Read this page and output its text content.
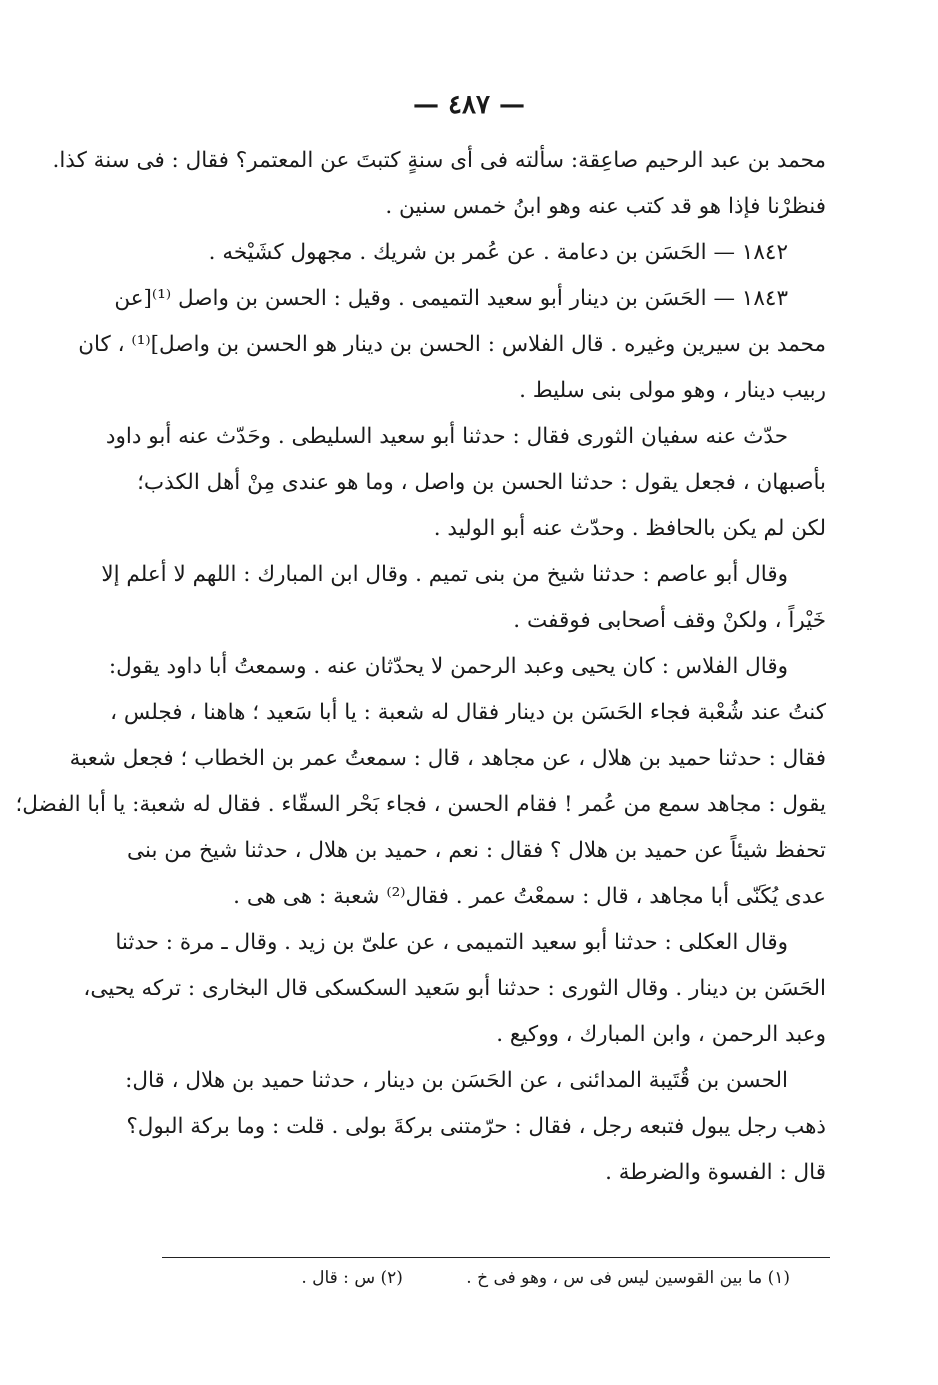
— ٤٨٧ —
محمد بن عبد الرحيم صاعِقة: سألته فى أى سنةٍ كتبتَ عن المعتمر؟ فقال : فى سنة كذا.
فنظرْنا فإذا هو قد كتب عنه وهو ابنُ خمس سنين .
١٨٤٢ — الحَسَن بن دعامة . عن عُمر بن شريك . مجهول كشَيْخه .
١٨٤٣ — الحَسَن بن دينار أبو سعيد التميمى . وقيل : الحسن بن واصل ⁽¹⁾[عن
محمد بن سيرين وغيره . قال الفلاس : الحسن بن دينار هو الحسن بن واصل]⁽¹⁾ ، كان
ربيب دينار ، وهو مولى بنى سليط .
حدّث عنه سفيان الثورى فقال : حدثنا أبو سعيد السليطى . وحَدّث عنه أبو داود
بأصبهان ، فجعل يقول : حدثنا الحسن بن واصل ، وما هو عندى مِنْ أهل الكذب؛
لكن لم يكن بالحافظ . وحدّث عنه أبو الوليد .
وقال أبو عاصم : حدثنا شيخ من بنى تميم . وقال ابن المبارك : اللهم لا أعلم إلا
خَيْراً ، ولكنْ وقف أصحابى فوقفت .
وقال الفلاس : كان يحيى وعبد الرحمن لا يحدّثان عنه . وسمعتُ أبا داود يقول:
كنتُ عند شُعْبة فجاء الحَسَن بن دينار فقال له شعبة : يا أبا سَعيد ؛ هاهنا ، فجلس ،
فقال : حدثنا حميد بن هلال ، عن مجاهد ، قال : سمعتُ عمر بن الخطاب ؛ فجعل شعبة
يقول : مجاهد سمع من عُمر ! فقام الحسن ، فجاء بَحْر السقّاء . فقال له شعبة: يا أبا الفضل؛
تحفظ شيئاً عن حميد بن هلال ؟ فقال : نعم ، حميد بن هلال ، حدثنا شيخ من بنى
عدى يُكَنّى أبا مجاهد ، قال : سمعْتُ عمر . فقال⁽²⁾ شعبة : هى هى .
وقال العكلى : حدثنا أبو سعيد التميمى ، عن علىّ بن زيد . وقال ـ مرة : حدثنا
الحَسَن بن دينار . وقال الثورى : حدثنا أبو سَعيد السكسكى قال البخارى : تركه يحيى،
وعبد الرحمن ، وابن المبارك ، ووكيع .
الحسن بن قُتَيبة المدائنى ، عن الحَسَن بن دينار ، حدثنا حميد بن هلال ، قال:
ذهب رجل يبول فتبعه رجل ، فقال : حرّمتنى بركةَ بولى . قلت : وما بركة البول؟
قال : الفسوة والضرطة .
(١) ما بين القوسين ليس فى س ، وهو فى خ . (٢) س : قال .
